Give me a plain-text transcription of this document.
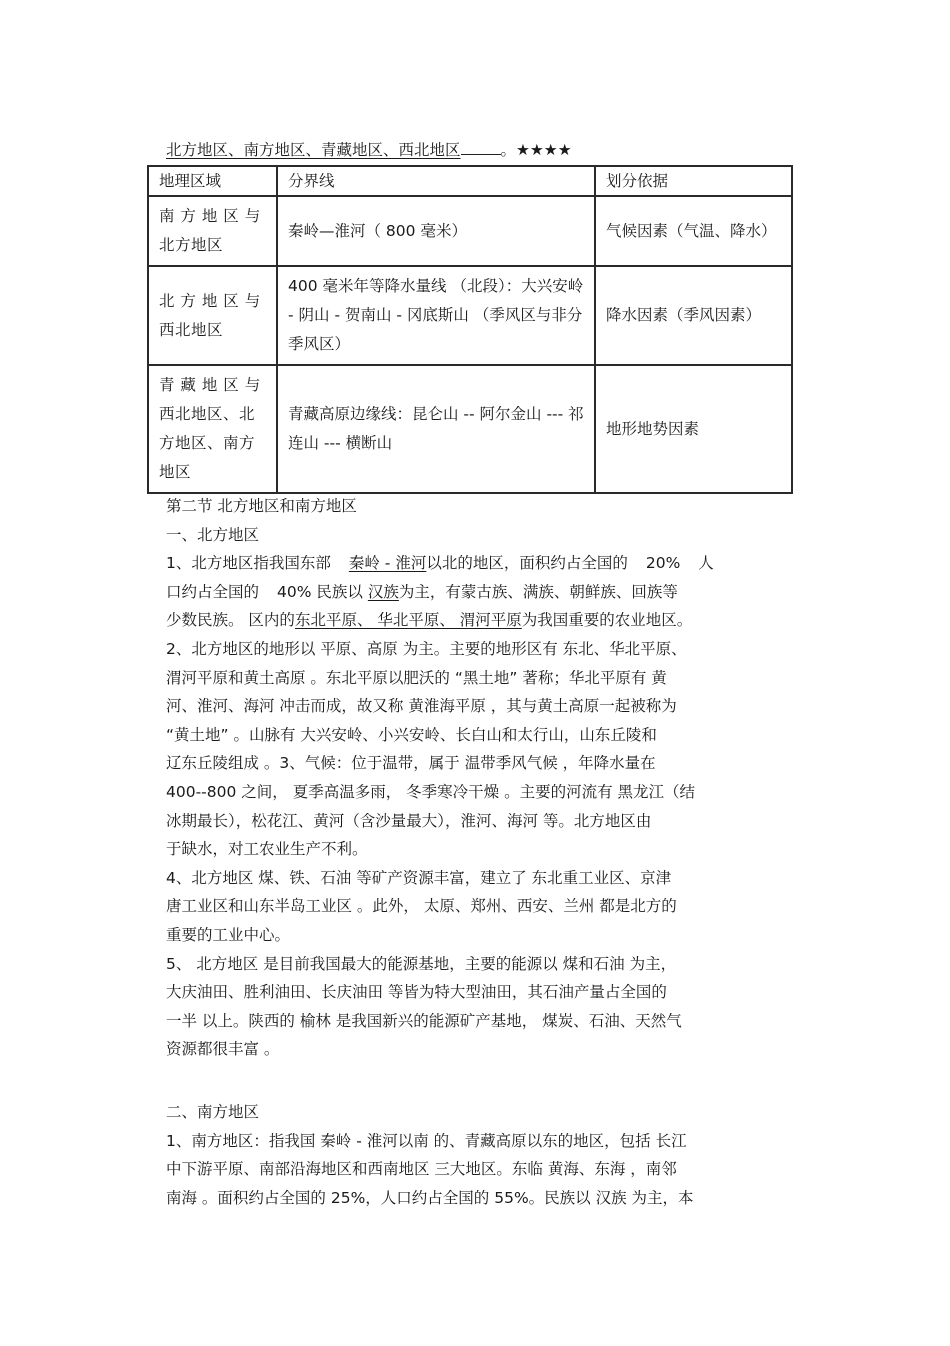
北方地区、南方地区、青藏地区、西北地区	。★★★★
地理区域	分界线	划分依据
南 方 地 区 与 北方地区	秦岭—淮河（ 800 毫米）	气候因素（气温、降水）
北 方 地 区 与 西北地区	400 毫米年等降水量线 （北段）：大兴安岭 - 阴山 - 贺南山 - 冈底斯山 （季风区与非分季风区）	降水因素（季风因素）
青 藏 地 区 与 西北地区、北方地区、南方地区	青藏高原边缘线：昆仑山 -- 阿尔金山 --- 祁连山 --- 横断山	地形地势因素
第二节 北方地区和南方地区
一、北方地区
1、北方地区指我国东部 秦岭 - 淮河以北的地区，面积约占全国的 20% 人
口约占全国的 40% 民族以 汉族为主，有蒙古族、满族、朝鲜族、回族等
少数民族。 区内的东北平原、 华北平原、 渭河平原为我国重要的农业地区。
2、北方地区的地形以 平原、高原 为主。主要的地形区有 东北、华北平原、
渭河平原和黄土高原 。东北平原以肥沃的 “黑土地” 著称；华北平原有 黄
河、淮河、海河 冲击而成，故又称 黄淮海平原 ，其与黄土高原一起被称为
“黄土地” 。山脉有 大兴安岭、小兴安岭、长白山和太行山，山东丘陵和
辽东丘陵组成 。3、气候：位于温带，属于 温带季风气候 ，年降水量在
400--800 之间， 夏季高温多雨， 冬季寒冷干燥 。主要的河流有 黑龙江（结
冰期最长），松花江、黄河（含沙量最大），淮河、海河 等。北方地区由
于缺水，对工农业生产不利。
4、北方地区 煤、铁、石油 等矿产资源丰富，建立了 东北重工业区、京津
唐工业区和山东半岛工业区 。此外， 太原、郑州、西安、兰州 都是北方的
重要的工业中心。
5、 北方地区 是目前我国最大的能源基地，主要的能源以 煤和石油 为主，
大庆油田、胜利油田、长庆油田 等皆为特大型油田，其石油产量占全国的
一半 以上。陕西的 榆林 是我国新兴的能源矿产基地， 煤炭、石油、天然气
资源都很丰富 。
二、南方地区
1、南方地区：指我国 秦岭 - 淮河以南 的、青藏高原以东的地区，包括 长江
中下游平原、南部沿海地区和西南地区 三大地区。东临 黄海、东海 ，南邻
南海 。面积约占全国的 25%，人口约占全国的 55%。民族以 汉族 为主，本
